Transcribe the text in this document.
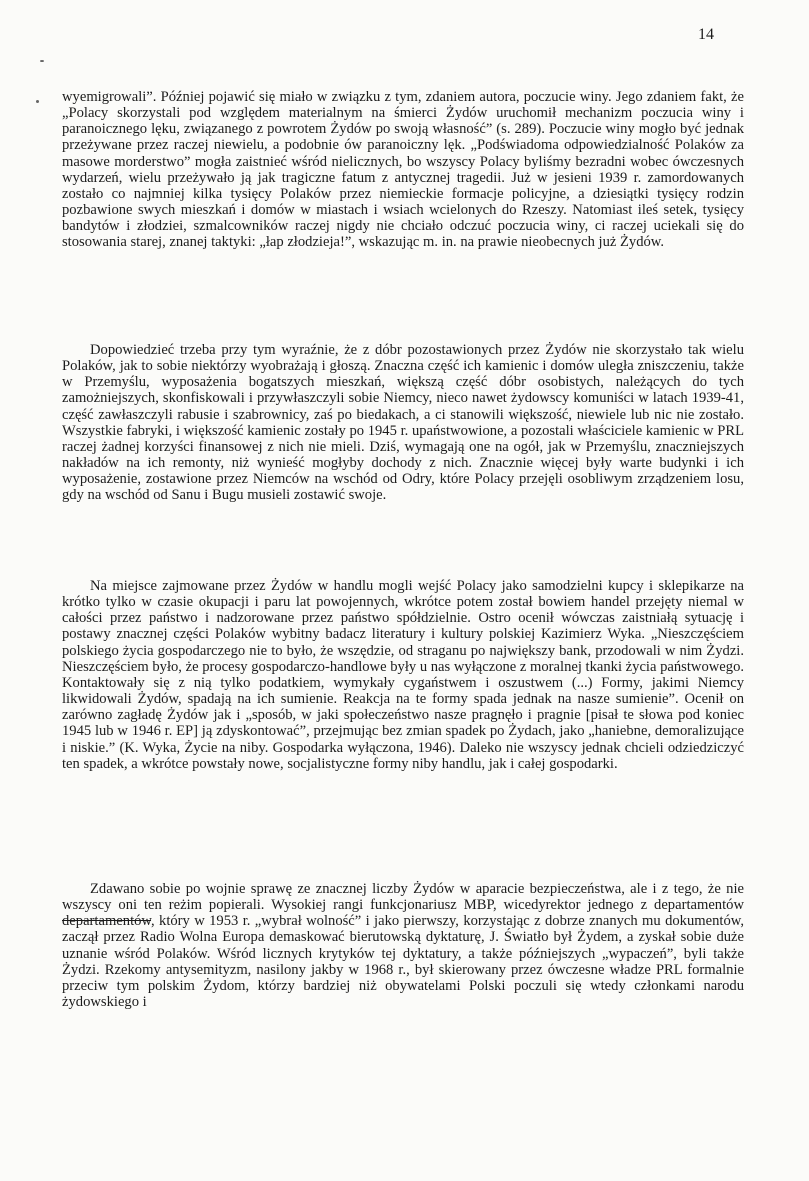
14

wyemigrowali”. Później pojawić się miało w związku z tym, zdaniem autora, poczucie winy. Jego zdaniem fakt, że „Polacy skorzystali pod względem materialnym na śmierci Żydów uruchomił mechanizm poczucia winy i paranoicznego lęku, związanego z powrotem Żydów po swoją własność” (s. 289). Poczucie winy mogło być jednak przeżywane przez raczej niewielu, a podobnie ów paranoiczny lęk. „Podświadoma odpowiedzialność Polaków za masowe morderstwo” mogła zaistnieć wśród nielicznych, bo wszyscy Polacy byliśmy bezradni wobec ówczesnych wydarzeń, wielu przeżywało ją jak tragiczne fatum z antycznej tragedii. Już w jesieni 1939 r. zamordowanych zostało co najmniej kilka tysięcy Polaków przez niemieckie formacje policyjne, a dziesiątki tysięcy rodzin pozbawione swych mieszkań i domów w miastach i wsiach wcielonych do Rzeszy. Natomiast ileś setek, tysięcy bandytów i złodziei, szmalcowników raczej nigdy nie chciało odczuć poczucia winy, ci raczej uciekali się do stosowania starej, znanej taktyki: „łap złodzieja!”, wskazując m. in. na prawie nieobecnych już Żydów.

Dopowiedzieć trzeba przy tym wyraźnie, że z dóbr pozostawionych przez Żydów nie skorzystało tak wielu Polaków, jak to sobie niektórzy wyobrażają i głoszą. Znaczna część ich kamienic i domów uległa zniszczeniu, także w Przemyślu, wyposażenia bogatszych mieszkań, większą część dóbr osobistych, należących do tych zamożniejszych, skonfiskowali i przywłaszczyli sobie Niemcy, nieco nawet żydowscy komuniści w latach 1939-41, część zawłaszczyli rabusie i szabrownicy, zaś po biedakach, a ci stanowili większość, niewiele lub nic nie zostało. Wszystkie fabryki, i większość kamienic zostały po 1945 r. upaństwowione, a pozostali właściciele kamienic w PRL raczej żadnej korzyści finansowej z nich nie mieli. Dziś, wymagają one na ogół, jak w Przemyślu, znaczniejszych nakładów na ich remonty, niż wynieść mogłyby dochody z nich. Znacznie więcej były warte budynki i ich wyposażenie, zostawione przez Niemców na wschód od Odry, które Polacy przejęli osobliwym zrządzeniem losu, gdy na wschód od Sanu i Bugu musieli zostawić swoje.

Na miejsce zajmowane przez Żydów w handlu mogli wejść Polacy jako samodzielni kupcy i sklepikarze na krótko tylko w czasie okupacji i paru lat powojennych, wkrótce potem został bowiem handel przejęty niemal w całości przez państwo i nadzorowane przez państwo spółdzielnie. Ostro ocenił wówczas zaistniałą sytuację i postawy znacznej części Polaków wybitny badacz literatury i kultury polskiej Kazimierz Wyka. „Nieszczęściem polskiego życia gospodarczego nie to było, że wszędzie, od straganu po największy bank, przodowali w nim Żydzi. Nieszczęściem było, że procesy gospodarczo-handlowe były u nas wyłączone z moralnej tkanki życia państwowego. Kontaktowały się z nią tylko podatkiem, wymykały cygaństwem i oszustwem (...) Formy, jakimi Niemcy likwidowali Żydów, spadają na ich sumienie. Reakcja na te formy spada jednak na nasze sumienie”. Ocenił on zarówno zagładę Żydów jak i „sposób, w jaki społeczeństwo nasze pragnęło i pragnie [pisał te słowa pod koniec 1945 lub w 1946 r. EP] ją zdyskontować”, przejmując bez zmian spadek po Żydach, jako „haniebne, demoralizujące i niskie.” (K. Wyka, Życie na niby. Gospodarka wyłączona, 1946). Daleko nie wszyscy jednak chcieli odziedziczyć ten spadek, a wkrótce powstały nowe, socjalistyczne formy niby handlu, jak i całej gospodarki.

Zdawano sobie po wojnie sprawę ze znacznej liczby Żydów w aparacie bezpieczeństwa, ale i z tego, że nie wszyscy oni ten reżim popierali. Wysokiej rangi funkcjonariusz MBP, wicedyrektor jednego z departamentów departamentów, który w 1953 r. „wybrał wolność” i jako pierwszy, korzystając z dobrze znanych mu dokumentów, zaczął przez Radio Wolna Europa demaskować bierutowską dyktaturę, J. Światło był Żydem, a zyskał sobie duże uznanie wśród Polaków. Wśród licznych krytyków tej dyktatury, a także późniejszych „wypaczeń”, byli także Żydzi. Rzekomy antysemityzm, nasilony jakby w 1968 r., był skierowany przez ówczesne władze PRL formalnie przeciw tym polskim Żydom, którzy bardziej niż obywatelami Polski poczuli się wtedy członkami narodu żydowskiego i
